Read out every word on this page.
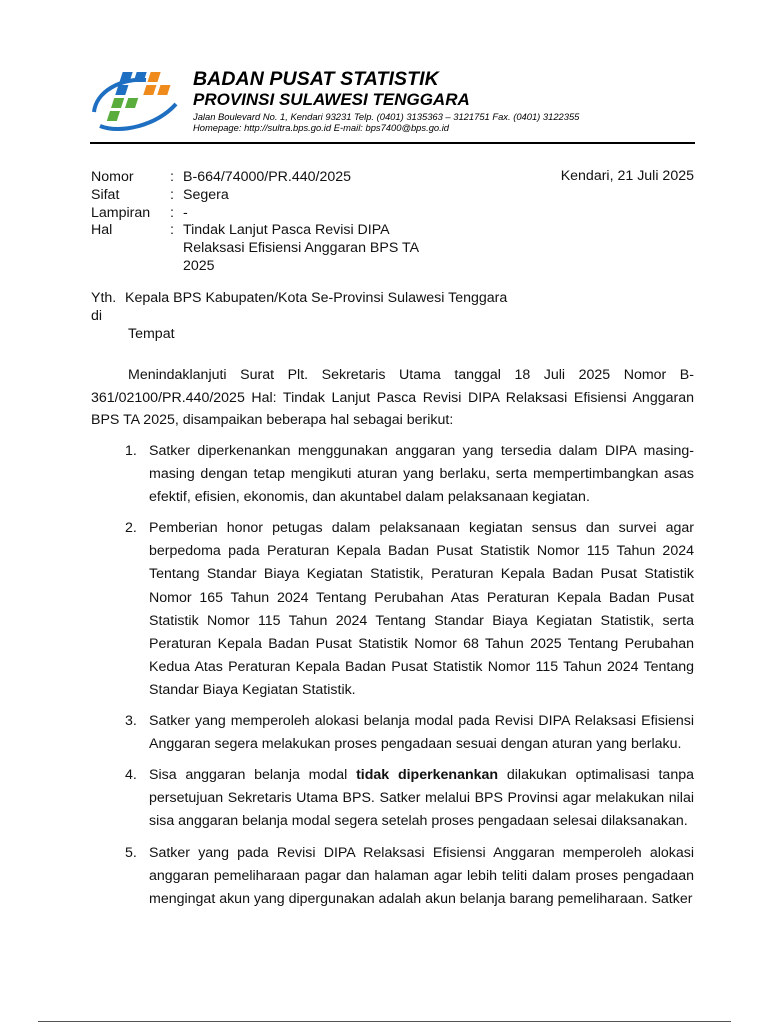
BADAN PUSAT STATISTIK
PROVINSI SULAWESI TENGGARA
Jalan Boulevard No. 1, Kendari 93231 Telp. (0401) 3135363 – 3121751 Fax. (0401) 3122355
Homepage: http://sultra.bps.go.id E-mail: bps7400@bps.go.id
Kendari, 21 Juli 2025
Nomor	: B-664/74000/PR.440/2025
Sifat	: Segera
Lampiran : -
Hal	: Tindak Lanjut Pasca Revisi DIPA
Relaksasi Efisiensi Anggaran BPS TA
2025
Yth. Kepala BPS Kabupaten/Kota Se-Provinsi Sulawesi Tenggara
di
Tempat

Menindaklanjuti Surat Plt. Sekretaris Utama tanggal 18 Juli 2025 Nomor B-361/02100/PR.440/2025 Hal: Tindak Lanjut Pasca Revisi DIPA Relaksasi Efisiensi Anggaran BPS TA 2025, disampaikan beberapa hal sebagai berikut:

1. Satker diperkenankan menggunakan anggaran yang tersedia dalam DIPA masing-masing dengan tetap mengikuti aturan yang berlaku, serta mempertimbangkan asas efektif, efisien, ekonomis, dan akuntabel dalam pelaksanaan kegiatan.
2. Pemberian honor petugas dalam pelaksanaan kegiatan sensus dan survei agar berpedoma pada Peraturan Kepala Badan Pusat Statistik Nomor 115 Tahun 2024 Tentang Standar Biaya Kegiatan Statistik, Peraturan Kepala Badan Pusat Statistik Nomor 165 Tahun 2024 Tentang Perubahan Atas Peraturan Kepala Badan Pusat Statistik Nomor 115 Tahun 2024 Tentang Standar Biaya Kegiatan Statistik, serta Peraturan Kepala Badan Pusat Statistik Nomor 68 Tahun 2025 Tentang Perubahan Kedua Atas Peraturan Kepala Badan Pusat Statistik Nomor 115 Tahun 2024 Tentang Standar Biaya Kegiatan Statistik.
3. Satker yang memperoleh alokasi belanja modal pada Revisi DIPA Relaksasi Efisiensi Anggaran segera melakukan proses pengadaan sesuai dengan aturan yang berlaku.
4. Sisa anggaran belanja modal tidak diperkenankan dilakukan optimalisasi tanpa persetujuan Sekretaris Utama BPS. Satker melalui BPS Provinsi agar melakukan nilai sisa anggaran belanja modal segera setelah proses pengadaan selesai dilaksanakan.
5. Satker yang pada Revisi DIPA Relaksasi Efisiensi Anggaran memperoleh alokasi anggaran pemeliharaan pagar dan halaman agar lebih teliti dalam proses pengadaan mengingat akun yang dipergunakan adalah akun belanja barang pemeliharaan. Satker
